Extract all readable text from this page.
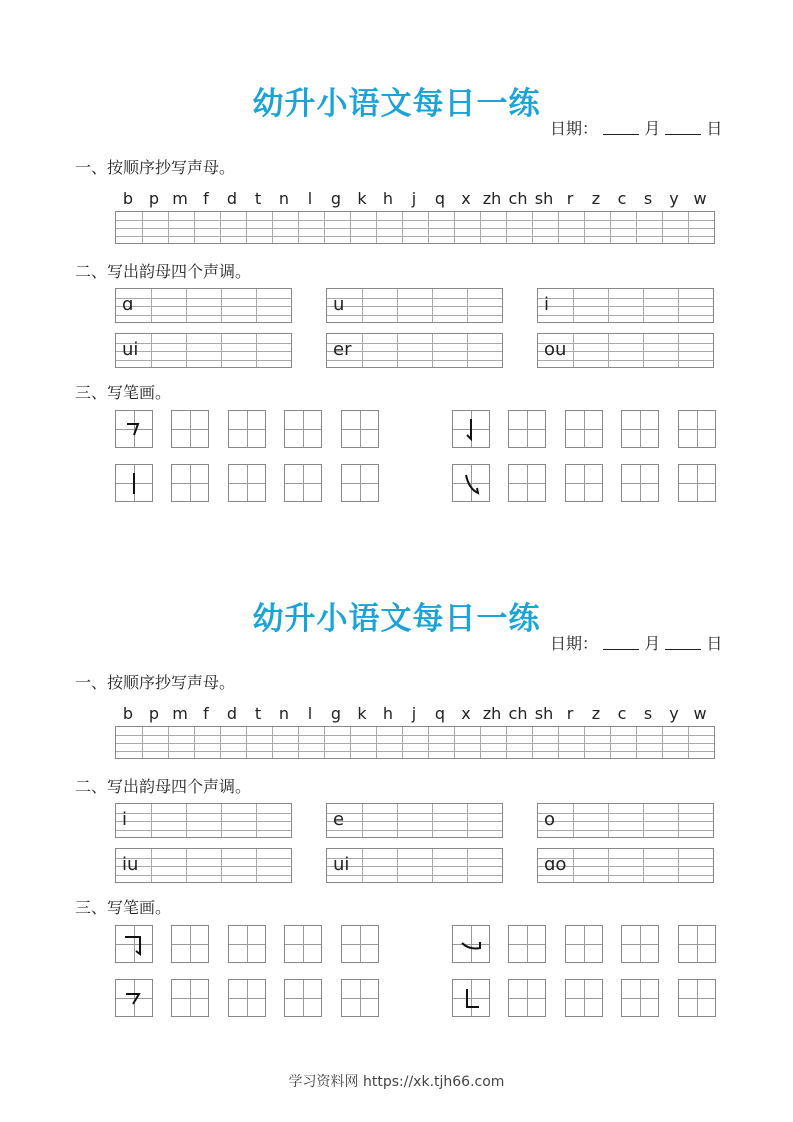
幼升小语文每日一练
日期：	月	日
一、按顺序抄写声母。
b p m f	d	t	n	l	g	k	h	j	q	x zh ch sh r	z	c	s	y w
二、写出韵母四个声调。
ɑ	u	i
ui	er	ou
三、写笔画。
幼升小语文每日一练
日期：	月	日
一、按顺序抄写声母。
b p m f	d	t	n	l	g	k	h	j	q	x zh ch sh r	z	c	s	y w
二、写出韵母四个声调。
i	e	o
iu	ui	ɑo
三、写笔画。
学习资料网 https://xk.tjh66.com
